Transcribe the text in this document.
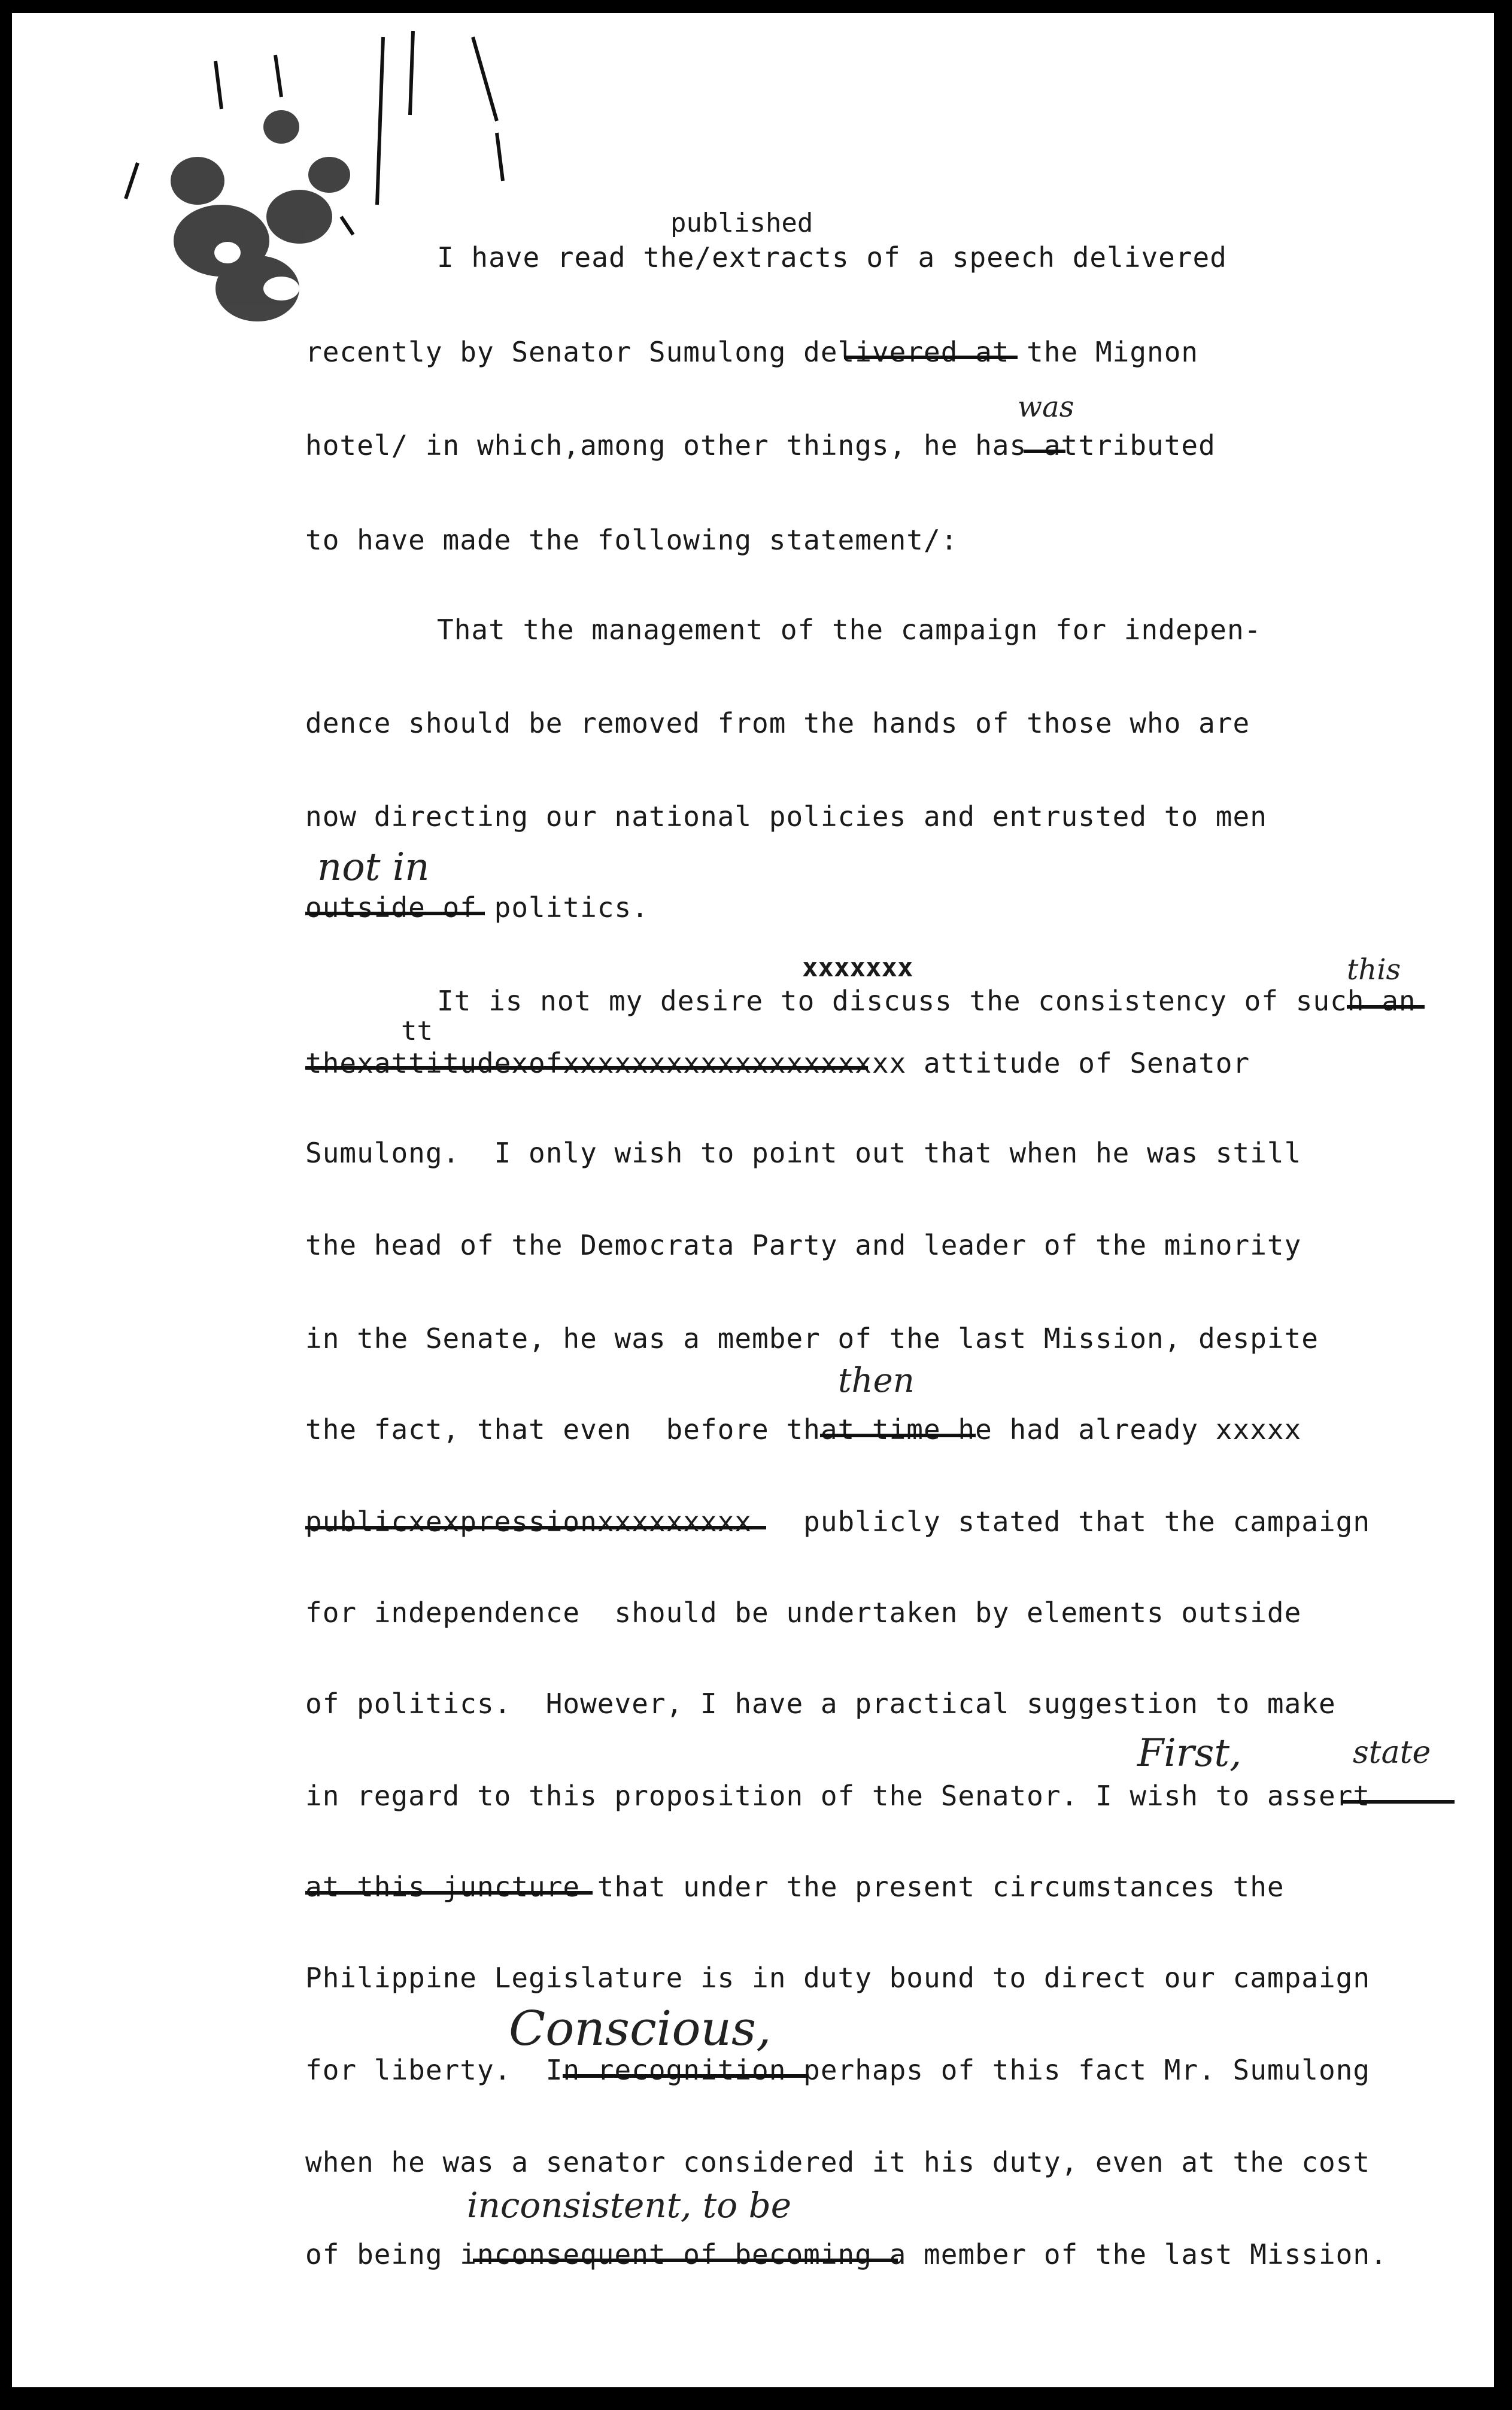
published
I have read the/extracts of a speech delivered
recently by Senator Sumulong delivered at the Mignon
was
hotel/ in which,among other things, he has attributed
to have made the following statement/:
That the management of the campaign for indepen-
dence should be removed from the hands of those who are
now directing our national policies and entrusted to men
not in
outside of politics.
xxxxxxx	this
It is not my desire to discuss the consistency of such an
tt
thexattitudexofxxxxxxxxxxxxxxxxxxxx attitude of Senator
Sumulong.  I only wish to point out that when he was still
the head of the Democrata Party and leader of the minority
in the Senate, he was a member of the last Mission, despite
then
the fact, that even  before that time he had already xxxxx
publicxexpressionxxxxxxxxx   publicly stated that the campaign
for independence  should be undertaken by elements outside
of politics.  However, I have a practical suggestion to make
First,	state
in regard to this proposition of the Senator. I wish to assert
at this juncture that under the present circumstances the
Philippine Legislature is in duty bound to direct our campaign
Conscious,
for liberty.  In recognition perhaps of this fact Mr. Sumulong
when he was a senator considered it his duty, even at the cost
inconsistent, to be
of being inconsequent of becoming a member of the last Mission.
